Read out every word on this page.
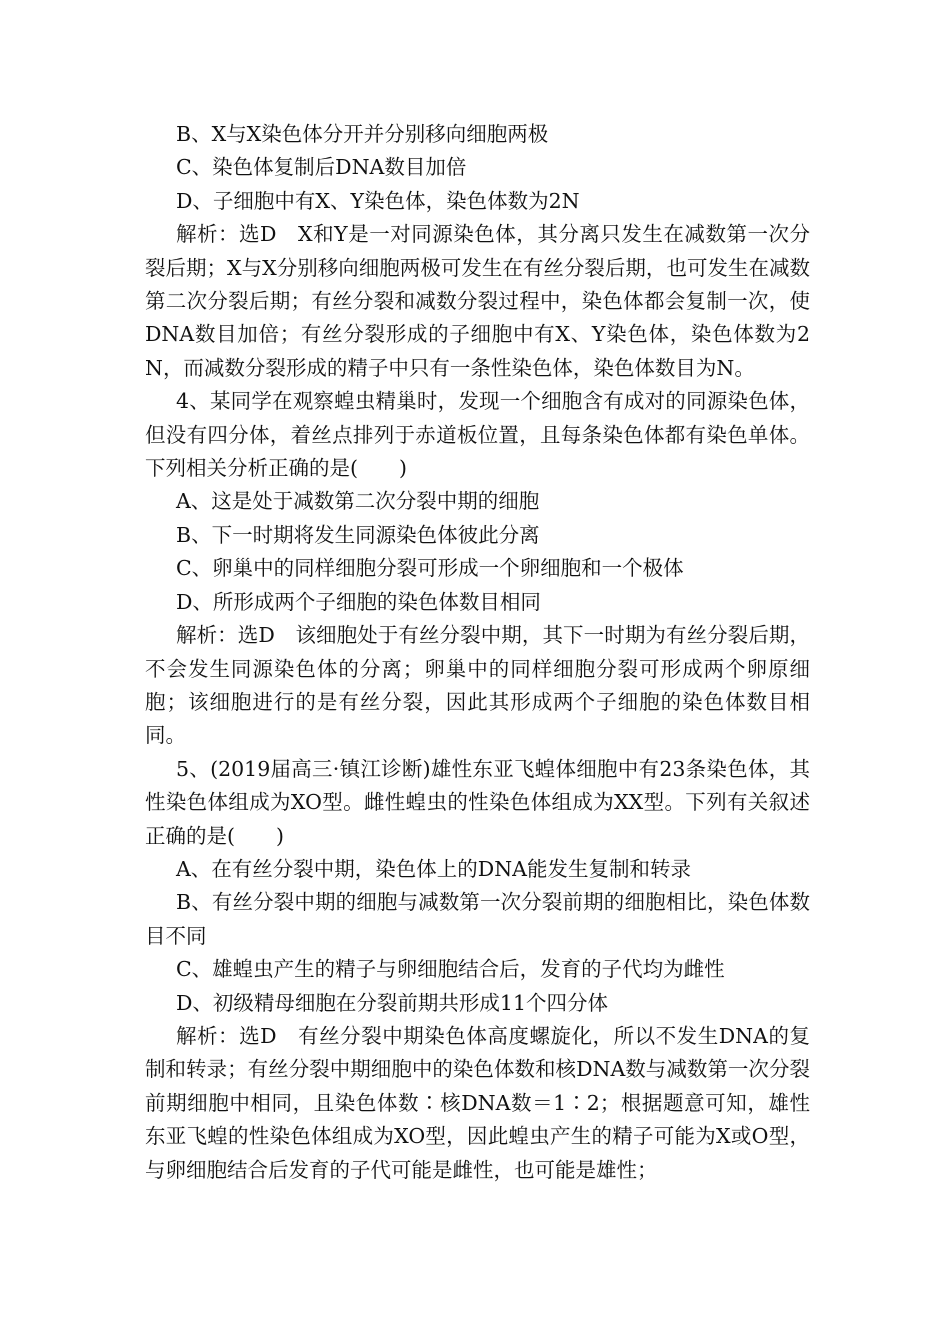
B、X与X染色体分开并分别移向细胞两极

C、染色体复制后DNA数目加倍

D、子细胞中有X、Y染色体，染色体数为2N

解析：选D　X和Y是一对同源染色体，其分离只发生在减数第一次分裂后期；X与X分别移向细胞两极可发生在有丝分裂后期，也可发生在减数第二次分裂后期；有丝分裂和减数分裂过程中，染色体都会复制一次，使DNA数目加倍；有丝分裂形成的子细胞中有X、Y染色体，染色体数为2N，而减数分裂形成的精子中只有一条性染色体，染色体数目为N。

4、某同学在观察蝗虫精巢时，发现一个细胞含有成对的同源染色体，但没有四分体，着丝点排列于赤道板位置，且每条染色体都有染色单体。下列相关分析正确的是(　　)

A、这是处于减数第二次分裂中期的细胞

B、下一时期将发生同源染色体彼此分离

C、卵巢中的同样细胞分裂可形成一个卵细胞和一个极体

D、所形成两个子细胞的染色体数目相同

解析：选D　该细胞处于有丝分裂中期，其下一时期为有丝分裂后期，不会发生同源染色体的分离；卵巢中的同样细胞分裂可形成两个卵原细胞；该细胞进行的是有丝分裂，因此其形成两个子细胞的染色体数目相同。

5、(2019届高三·镇江诊断)雄性东亚飞蝗体细胞中有23条染色体，其性染色体组成为XO型。雌性蝗虫的性染色体组成为XX型。下列有关叙述正确的是(　　)

A、在有丝分裂中期，染色体上的DNA能发生复制和转录

B、有丝分裂中期的细胞与减数第一次分裂前期的细胞相比，染色体数目不同

C、雄蝗虫产生的精子与卵细胞结合后，发育的子代均为雌性

D、初级精母细胞在分裂前期共形成11个四分体

解析：选D　有丝分裂中期染色体高度螺旋化，所以不发生DNA的复制和转录；有丝分裂中期细胞中的染色体数和核DNA数与减数第一次分裂前期细胞中相同，且染色体数∶核DNA数＝1∶2；根据题意可知，雄性东亚飞蝗的性染色体组成为XO型，因此蝗虫产生的精子可能为X或O型，与卵细胞结合后发育的子代可能是雌性，也可能是雄性；
